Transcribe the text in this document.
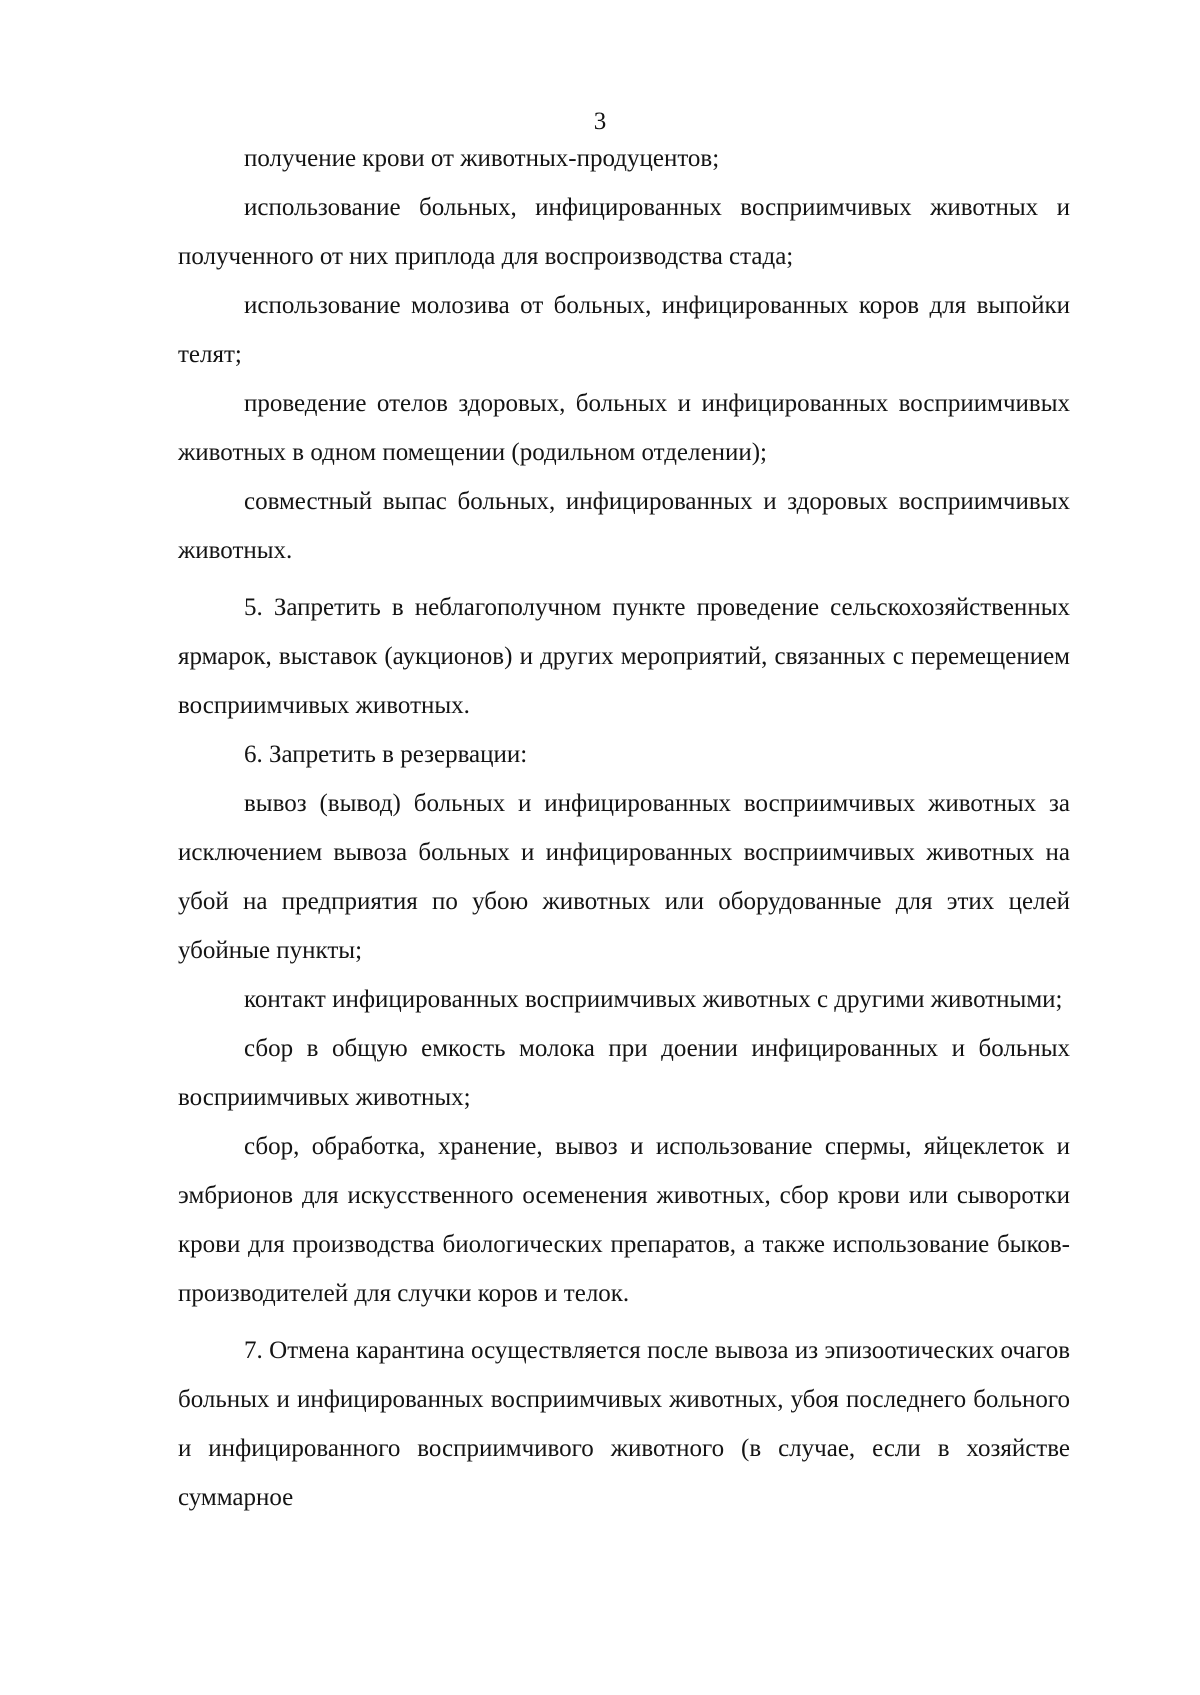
3

получение крови от животных-продуцентов;

использование больных, инфицированных восприимчивых животных и полученного от них приплода для воспроизводства стада;

использование молозива от больных, инфицированных коров для выпойки телят;

проведение отелов здоровых, больных и инфицированных восприимчивых животных в одном помещении (родильном отделении);

совместный выпас больных, инфицированных и здоровых восприимчивых животных.

5. Запретить в неблагополучном пункте проведение сельскохозяйственных ярмарок, выставок (аукционов) и других мероприятий, связанных с перемещением восприимчивых животных.

6. Запретить в резервации:

вывоз (вывод) больных и инфицированных восприимчивых животных за исключением вывоза больных и инфицированных восприимчивых животных на убой на предприятия по убою животных или оборудованные для этих целей убойные пункты;

контакт инфицированных восприимчивых животных с другими животными;

сбор в общую емкость молока при доении инфицированных и больных восприимчивых животных;

сбор, обработка, хранение, вывоз и использование спермы, яйцеклеток и эмбрионов для искусственного осеменения животных, сбор крови или сыворотки крови для производства биологических препаратов, а также использование быков-производителей для случки коров и телок.

7. Отмена карантина осуществляется после вывоза из эпизоотических очагов больных и инфицированных восприимчивых животных, убоя последнего больного и инфицированного восприимчивого животного (в случае, если в хозяйстве суммарное
